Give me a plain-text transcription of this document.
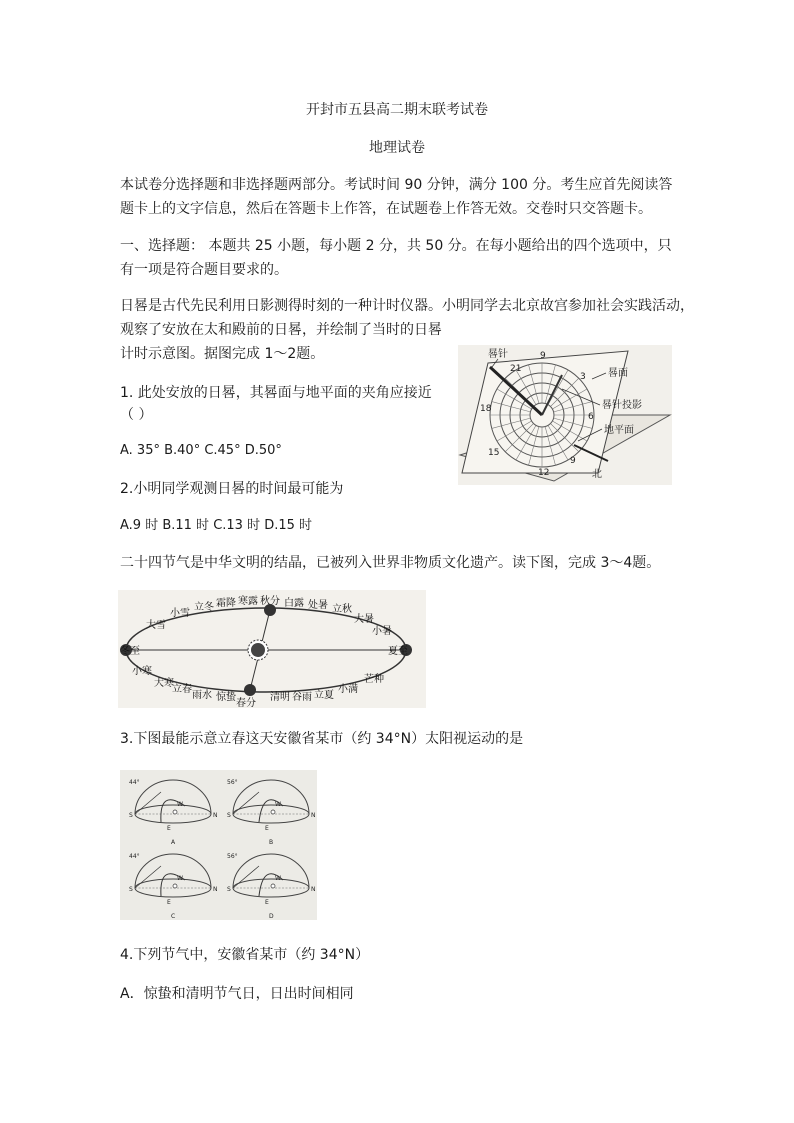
开封市五县高二期末联考试卷
地理试卷
本试卷分选择题和非选择题两部分。考试时间 90 分钟，满分 100 分。考生应首先阅读答
题卡上的文字信息，然后在答题卡上作答，在试题卷上作答无效。交卷时只交答题卡。
一、选择题： 本题共 25 小题，每小题 2 分，共 50 分。在每小题给出的四个选项中，只
有一项是符合题目要求的。
日晷是古代先民利用日影测得时刻的一种计时仪器。小明同学去北京故宫参加社会实践活动，
观察了安放在太和殿前的日晷，并绘制了当时的日晷
计时示意图。据图完成 1～2题。	晷针
晷面
晷针投影
地平面
北
9
3
6
9
12
15
18
21
1. 此处安放的日晷，其晷面与地平面的夹角应接近
（ ）
A. 35° B.40° C.45° D.50°
2.小明同学观测日晷的时间最可能为
A.9 时 B.11 时 C.13 时 D.15 时
二十四节气是中华文明的结晶，已被列入世界非物质文化遗产。读下图，完成 3～4题。
冬至	夏至
秋分
春分
小寒
大寒
立春
雨水 惊蛰	清明 谷雨 立夏
小满
芒种
小暑
大暑
立秋
处暑
白露
寒露
霜降
立冬
小雪
大雪
3.下图最能示意立春这天安徽省某市（约 34°N）太阳视运动的是
44°
S	N
W
E
A
56°
S	N
W
E
B
44°
S	N
W
E
C
56°
S	N
W
E
D
4.下列节气中，安徽省某市（约 34°N）
A．惊蛰和清明节气日，日出时间相同
